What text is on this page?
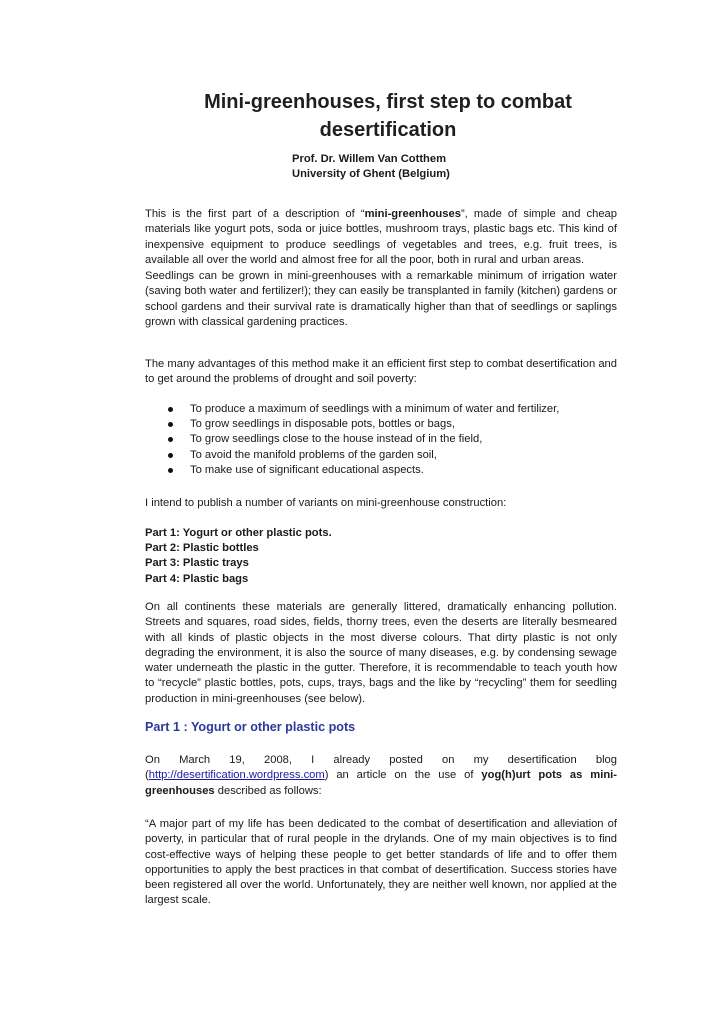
Mini-greenhouses, first step to combat
desertification
Prof. Dr. Willem Van Cotthem
University of Ghent (Belgium)
This is the first part of a description of “mini-greenhouses”, made of simple and cheap materials like yogurt pots, soda or juice bottles, mushroom trays, plastic bags etc. This kind of inexpensive equipment to produce seedlings of vegetables and trees, e.g. fruit trees, is available all over the world and almost free for all the poor, both in rural and urban areas.
Seedlings can be grown in mini-greenhouses with a remarkable minimum of irrigation water (saving both water and fertilizer!); they can easily be transplanted in family (kitchen) gardens or school gardens and their survival rate is dramatically higher than that of seedlings or saplings grown with classical gardening practices.
The many advantages of this method make it an efficient first step to combat desertification and to get around the problems of drought and soil poverty:
To produce a maximum of seedlings with a minimum of water and fertilizer,
To grow seedlings in disposable pots, bottles or bags,
To grow seedlings close to the house instead of in the field,
To avoid the manifold problems of the garden soil,
To make use of significant educational aspects.
I intend to publish a number of variants on mini-greenhouse construction:
Part 1: Yogurt or other plastic pots.
Part 2: Plastic bottles
Part 3: Plastic trays
Part 4: Plastic bags
On all continents these materials are generally littered, dramatically enhancing pollution. Streets and squares, road sides, fields, thorny trees, even the deserts are literally besmeared with all kinds of plastic objects in the most diverse colours. That dirty plastic is not only degrading the environment, it is also the source of many diseases, e.g. by condensing sewage water underneath the plastic in the gutter. Therefore, it is recommendable to teach youth how to “recycle” plastic bottles, pots, cups, trays, bags and the like by “recycling” them for seedling production in mini-greenhouses (see below).
Part 1 : Yogurt or other plastic pots
On March 19, 2008, I already posted on my desertification blog (http://desertification.wordpress.com) an article on the use of yog(h)urt pots as mini-greenhouses described as follows:
“A major part of my life has been dedicated to the combat of desertification and alleviation of poverty, in particular that of rural people in the drylands. One of my main objectives is to find cost-effective ways of helping these people to get better standards of life and to offer them opportunities to apply the best practices in that combat of desertification. Success stories have been registered all over the world. Unfortunately, they are neither well known, nor applied at the largest scale.
